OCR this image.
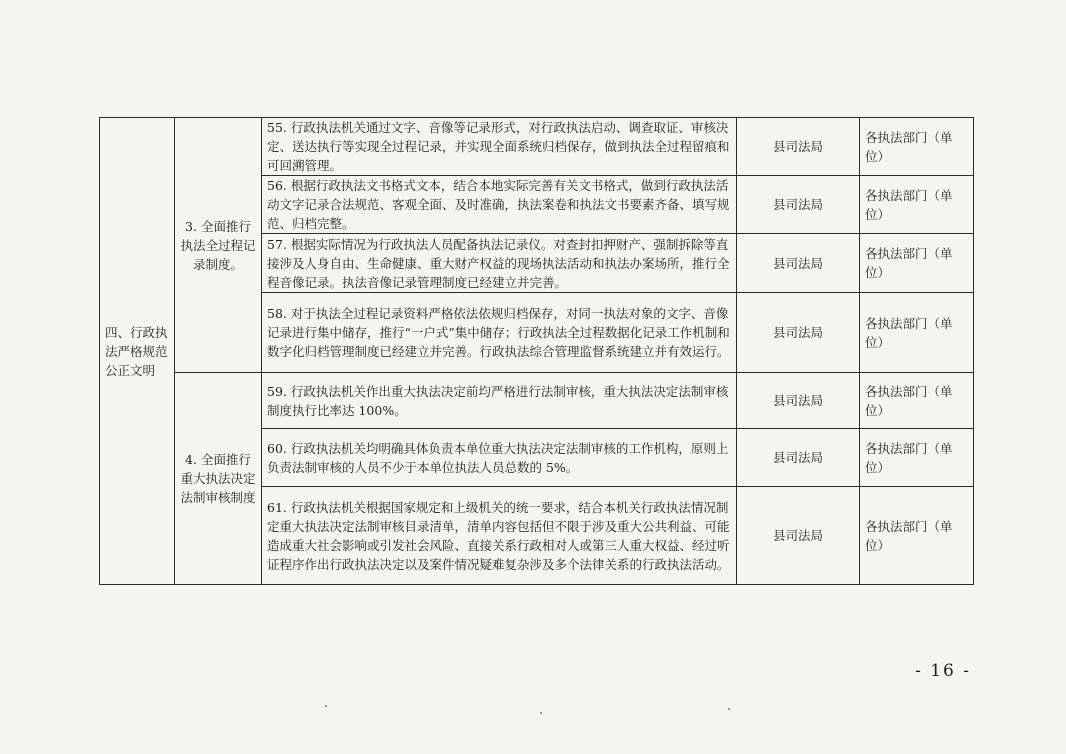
四、行政执法严格规范公正文明	3. 全面推行执法全过程记录制度。	55. 行政执法机关通过文字、音像等记录形式，对行政执法启动、调查取证、审核决定、送达执行等实现全过程记录，并实现全面系统归档保存，做到执法全过程留痕和可回溯管理。	县司法局	各执法部门（单位）
		56. 根据行政执法文书格式文本，结合本地实际完善有关文书格式，做到行政执法活动文字记录合法规范、客观全面、及时准确，执法案卷和执法文书要素齐备、填写规范、归档完整。	县司法局	各执法部门（单位）
		57. 根据实际情况为行政执法人员配备执法记录仪。对查封扣押财产、强制拆除等直接涉及人身自由、生命健康、重大财产权益的现场执法活动和执法办案场所，推行全程音像记录。执法音像记录管理制度已经建立并完善。	县司法局	各执法部门（单位）
		58. 对于执法全过程记录资料严格依法依规归档保存，对同一执法对象的文字、音像记录进行集中储存，推行“一户式”集中储存；行政执法全过程数据化记录工作机制和数字化归档管理制度已经建立并完善。行政执法综合管理监督系统建立并有效运行。	县司法局	各执法部门（单位）
	4. 全面推行重大执法决定法制审核制度	59. 行政执法机关作出重大执法决定前均严格进行法制审核，重大执法决定法制审核制度执行比率达 100%。	县司法局	各执法部门（单位）
		60. 行政执法机关均明确具体负责本单位重大执法决定法制审核的工作机构，原则上负责法制审核的人员不少于本单位执法人员总数的 5%。	县司法局	各执法部门（单位）
		61. 行政执法机关根据国家规定和上级机关的统一要求，结合本机关行政执法情况制定重大执法决定法制审核目录清单，清单内容包括但不限于涉及重大公共利益、可能造成重大社会影响或引发社会风险、直接关系行政相对人或第三人重大权益、经过听证程序作出行政执法决定以及案件情况疑难复杂涉及多个法律关系的行政执法活动。	县司法局	各执法部门（单位）
- 16 -
